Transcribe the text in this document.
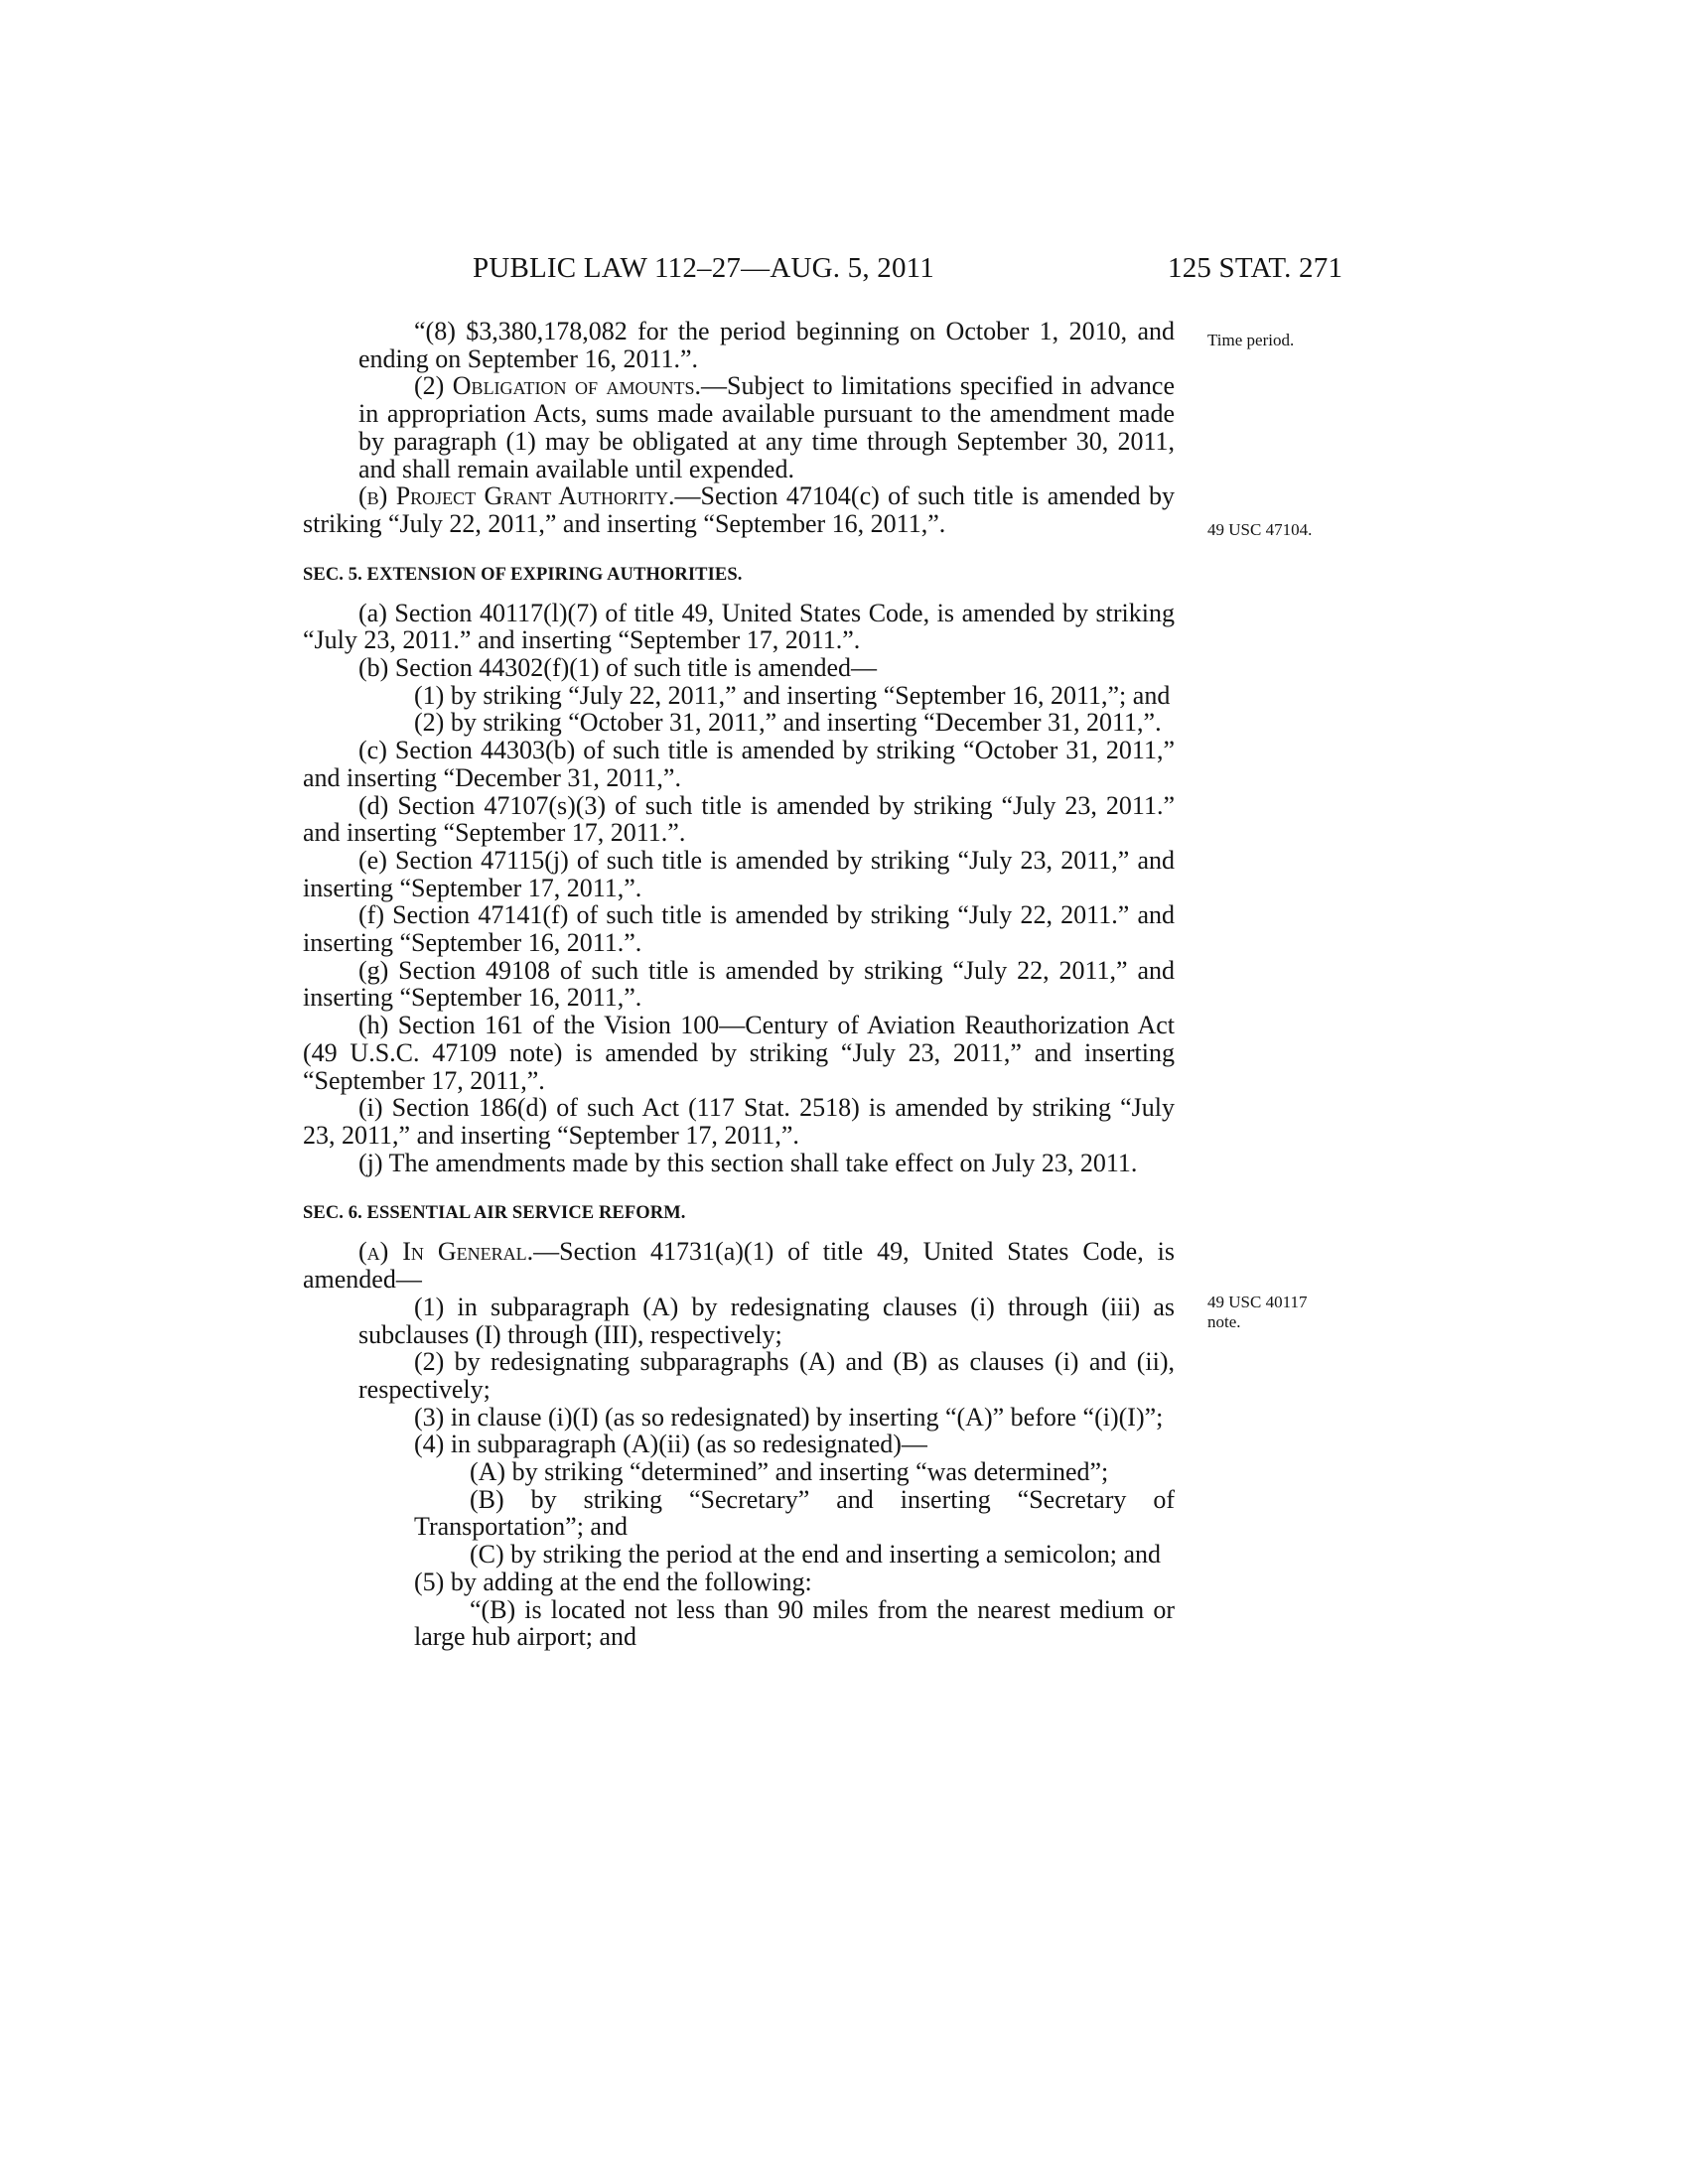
PUBLIC LAW 112–27—AUG. 5, 2011	125 STAT. 271
Time period.
49 USC 47104.
49 USC 40117
note.

“(8) $3,380,178,082 for the period beginning on October 1, 2010, and ending on September 16, 2011.”.

(2) Obligation of amounts.—Subject to limitations specified in advance in appropriation Acts, sums made available pursuant to the amendment made by paragraph (1) may be obligated at any time through September 30, 2011, and shall remain available until expended.

(b) Project Grant Authority.—Section 47104(c) of such title is amended by striking “July 22, 2011,” and inserting “September 16, 2011,”.

SEC. 5. EXTENSION OF EXPIRING AUTHORITIES.

(a) Section 40117(l)(7) of title 49, United States Code, is amended by striking “July 23, 2011.” and inserting “September 17, 2011.”.

(b) Section 44302(f)(1) of such title is amended—

(1) by striking “July 22, 2011,” and inserting “September 16, 2011,”; and

(2) by striking “October 31, 2011,” and inserting “December 31, 2011,”.

(c) Section 44303(b) of such title is amended by striking “October 31, 2011,” and inserting “December 31, 2011,”.

(d) Section 47107(s)(3) of such title is amended by striking “July 23, 2011.” and inserting “September 17, 2011.”.

(e) Section 47115(j) of such title is amended by striking “July 23, 2011,” and inserting “September 17, 2011,”.

(f) Section 47141(f) of such title is amended by striking “July 22, 2011.” and inserting “September 16, 2011.”.

(g) Section 49108 of such title is amended by striking “July 22, 2011,” and inserting “September 16, 2011,”.

(h) Section 161 of the Vision 100—Century of Aviation Reauthorization Act (49 U.S.C. 47109 note) is amended by striking “July 23, 2011,” and inserting “September 17, 2011,”.

(i) Section 186(d) of such Act (117 Stat. 2518) is amended by striking “July 23, 2011,” and inserting “September 17, 2011,”.

(j) The amendments made by this section shall take effect on July 23, 2011.

SEC. 6. ESSENTIAL AIR SERVICE REFORM.

(a) In General.—Section 41731(a)(1) of title 49, United States Code, is amended—

(1) in subparagraph (A) by redesignating clauses (i) through (iii) as subclauses (I) through (III), respectively;

(2) by redesignating subparagraphs (A) and (B) as clauses (i) and (ii), respectively;

(3) in clause (i)(I) (as so redesignated) by inserting “(A)” before “(i)(I)”;

(4) in subparagraph (A)(ii) (as so redesignated)—

(A) by striking “determined” and inserting “was determined”;

(B) by striking “Secretary” and inserting “Secretary of Transportation”; and

(C) by striking the period at the end and inserting a semicolon; and

(5) by adding at the end the following:

“(B) is located not less than 90 miles from the nearest medium or large hub airport; and
